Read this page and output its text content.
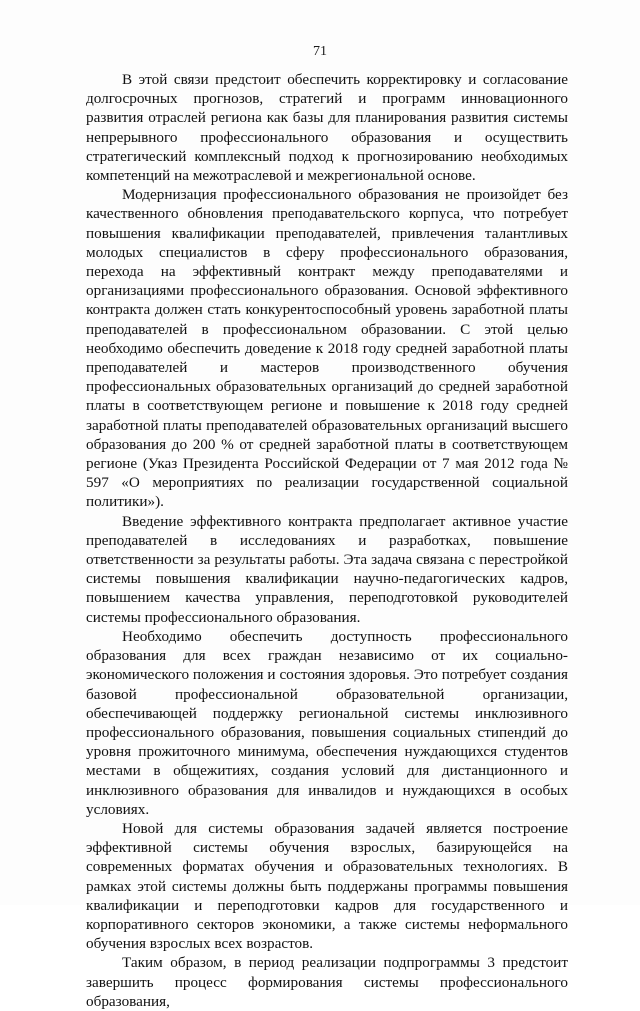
71

В этой связи предстоит обеспечить корректировку и согласование долгосрочных прогнозов, стратегий и программ инновационного развития отраслей региона как базы для планирования развития системы непрерывного профессионального образования и осуществить стратегический комплексный подход к прогнозированию необходимых компетенций на межотраслевой и межрегиональной основе.

Модернизация профессионального образования не произойдет без качественного обновления преподавательского корпуса, что потребует повышения квалификации преподавателей, привлечения талантливых молодых специалистов в сферу профессионального образования, перехода на эффективный контракт между преподавателями и организациями профессионального образования. Основой эффективного контракта должен стать конкурентоспособный уровень заработной платы преподавателей в профессиональном образовании. С этой целью необходимо обеспечить доведение к 2018 году средней заработной платы преподавателей и мастеров производственного обучения профессиональных образовательных организаций до средней заработной платы в соответствующем регионе и повышение к 2018 году средней заработной платы преподавателей образовательных организаций высшего образования до 200 % от средней заработной платы в соответствующем регионе (Указ Президента Российской Федерации от 7 мая 2012 года № 597 «О мероприятиях по реализации государственной социальной политики»).

Введение эффективного контракта предполагает активное участие преподавателей в исследованиях и разработках, повышение ответственности за результаты работы. Эта задача связана с перестройкой системы повышения квалификации научно-педагогических кадров, повышением качества управления, переподготовкой руководителей системы профессионального образования.

Необходимо обеспечить доступность профессионального образования для всех граждан независимо от их социально-экономического положения и состояния здоровья. Это потребует создания базовой профессиональной образовательной организации, обеспечивающей поддержку региональной системы инклюзивного профессионального образования, повышения социальных стипендий до уровня прожиточного минимума, обеспечения нуждающихся студентов местами в общежитиях, создания условий для дистанционного и инклюзивного образования для инвалидов и нуждающихся в особых условиях.

Новой для системы образования задачей является построение эффективной системы обучения взрослых, базирующейся на современных форматах обучения и образовательных технологиях. В рамках этой системы должны быть поддержаны программы повышения квалификации и переподготовки кадров для государственного и корпоративного секторов экономики, а также системы неформального обучения взрослых всех возрастов.

Таким образом, в период реализации подпрограммы 3 предстоит завершить процесс формирования системы профессионального образования,
